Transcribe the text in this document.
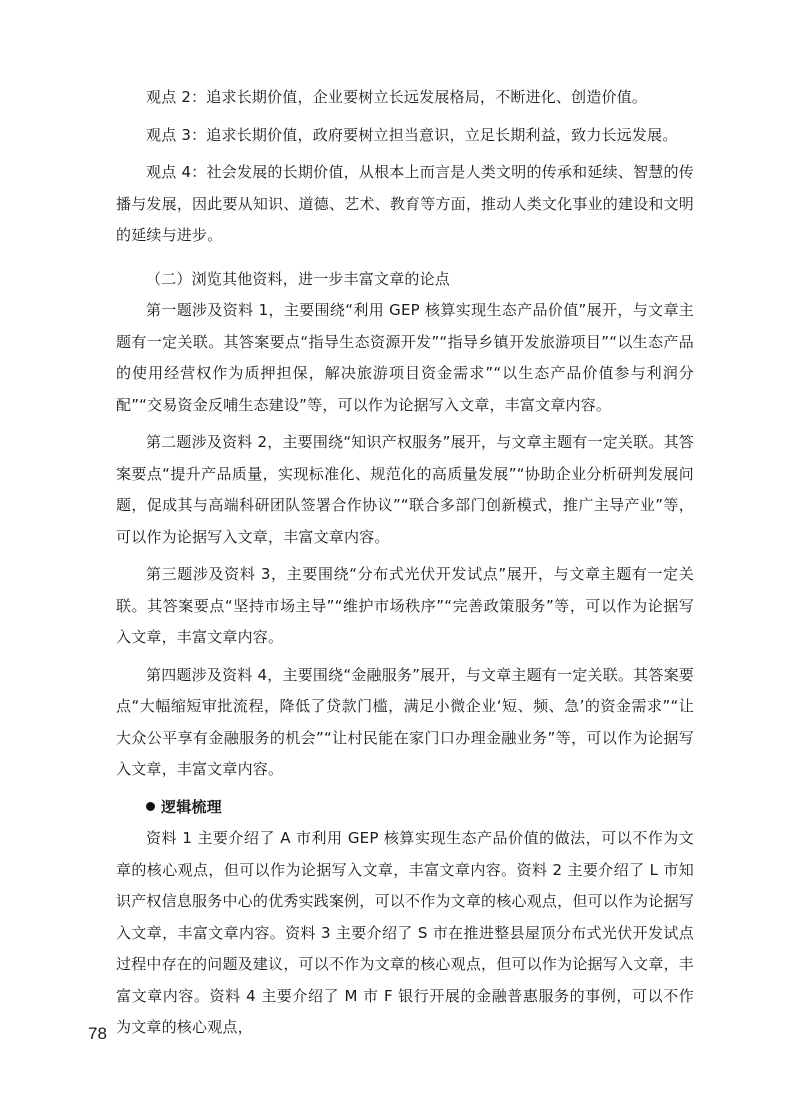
观点 2：追求长期价值，企业要树立长远发展格局，不断进化、创造价值。

观点 3：追求长期价值，政府要树立担当意识，立足长期利益，致力长远发展。

观点 4：社会发展的长期价值，从根本上而言是人类文明的传承和延续、智慧的传播与发展，因此要从知识、道德、艺术、教育等方面，推动人类文化事业的建设和文明的延续与进步。

（二）浏览其他资料，进一步丰富文章的论点

第一题涉及资料 1，主要围绕“利用 GEP 核算实现生态产品价值”展开，与文章主题有一定关联。其答案要点“指导生态资源开发”“指导乡镇开发旅游项目”“以生态产品的使用经营权作为质押担保，解决旅游项目资金需求”“以生态产品价值参与利润分配”“交易资金反哺生态建设”等，可以作为论据写入文章，丰富文章内容。

第二题涉及资料 2，主要围绕“知识产权服务”展开，与文章主题有一定关联。其答案要点“提升产品质量，实现标准化、规范化的高质量发展”“协助企业分析研判发展问题，促成其与高端科研团队签署合作协议”“联合多部门创新模式，推广主导产业”等，可以作为论据写入文章，丰富文章内容。

第三题涉及资料 3，主要围绕“分布式光伏开发试点”展开，与文章主题有一定关联。其答案要点“坚持市场主导”“维护市场秩序”“完善政策服务”等，可以作为论据写入文章，丰富文章内容。

第四题涉及资料 4，主要围绕“金融服务”展开，与文章主题有一定关联。其答案要点“大幅缩短审批流程，降低了贷款门槛，满足小微企业‘短、频、急’的资金需求”“让大众公平享有金融服务的机会”“让村民能在家门口办理金融业务”等，可以作为论据写入文章，丰富文章内容。

逻辑梳理

资料 1 主要介绍了 A 市利用 GEP 核算实现生态产品价值的做法，可以不作为文章的核心观点，但可以作为论据写入文章，丰富文章内容。资料 2 主要介绍了 L 市知识产权信息服务中心的优秀实践案例，可以不作为文章的核心观点，但可以作为论据写入文章，丰富文章内容。资料 3 主要介绍了 S 市在推进整县屋顶分布式光伏开发试点过程中存在的问题及建议，可以不作为文章的核心观点，但可以作为论据写入文章，丰富文章内容。资料 4 主要介绍了 M 市 F 银行开展的金融普惠服务的事例，可以不作为文章的核心观点，

78
